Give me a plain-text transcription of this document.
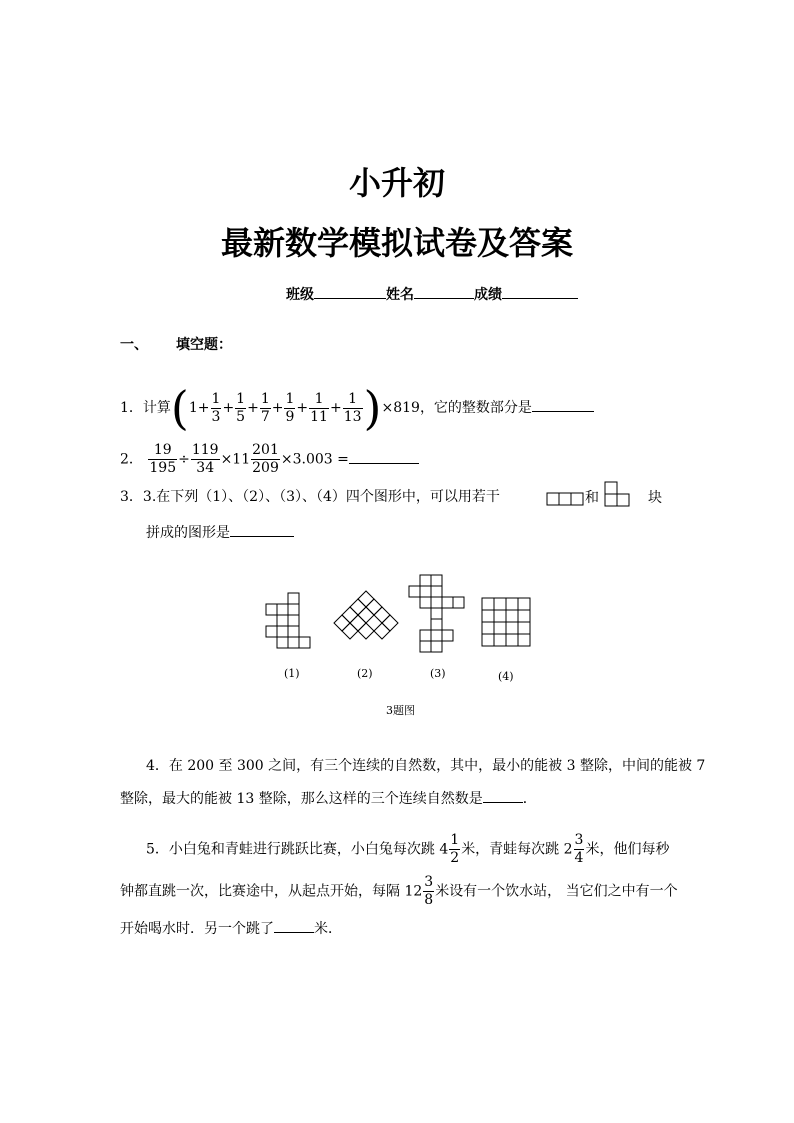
小升初
最新数学模拟试卷及答案
班级	姓名	成绩
一、 填空题：
1．计算$(1+ \frac{1}{3} + \frac{1}{5} + \frac{1}{7} + \frac{1}{9} + \frac{1}{11} + \frac{1}{13} )\times 819$，它的整数部分是
2． $\frac{19}{195} \div \frac{119}{34} \times 11 \frac{201}{209} \times 3.003$ =
3．3.在下列（1）、（2）、（3）、（4）四个图形中，可以用若干	和	块
拼成的图形是
(1)	(2)	(3)	(4)
3题图
4．在 200 至 300 之间，有三个连续的自然数，其中，最小的能被 3 整除，中间的能被 7
整除，最大的能被 13 整除，那么这样的三个连续自然数是	．
5．小白兔和青蛙进行跳跃比赛，小白兔每次跳 $4 \frac{1}{2}$ 米，青蛙每次跳 $2 \frac{3}{4}$ 米，他们每秒
钟都直跳一次，比赛途中，从起点开始，每隔 $12 \frac{3}{8}$ 米设有一个饮水站， 当它们之中有一个
开始喝水时．另一个跳了	米．
